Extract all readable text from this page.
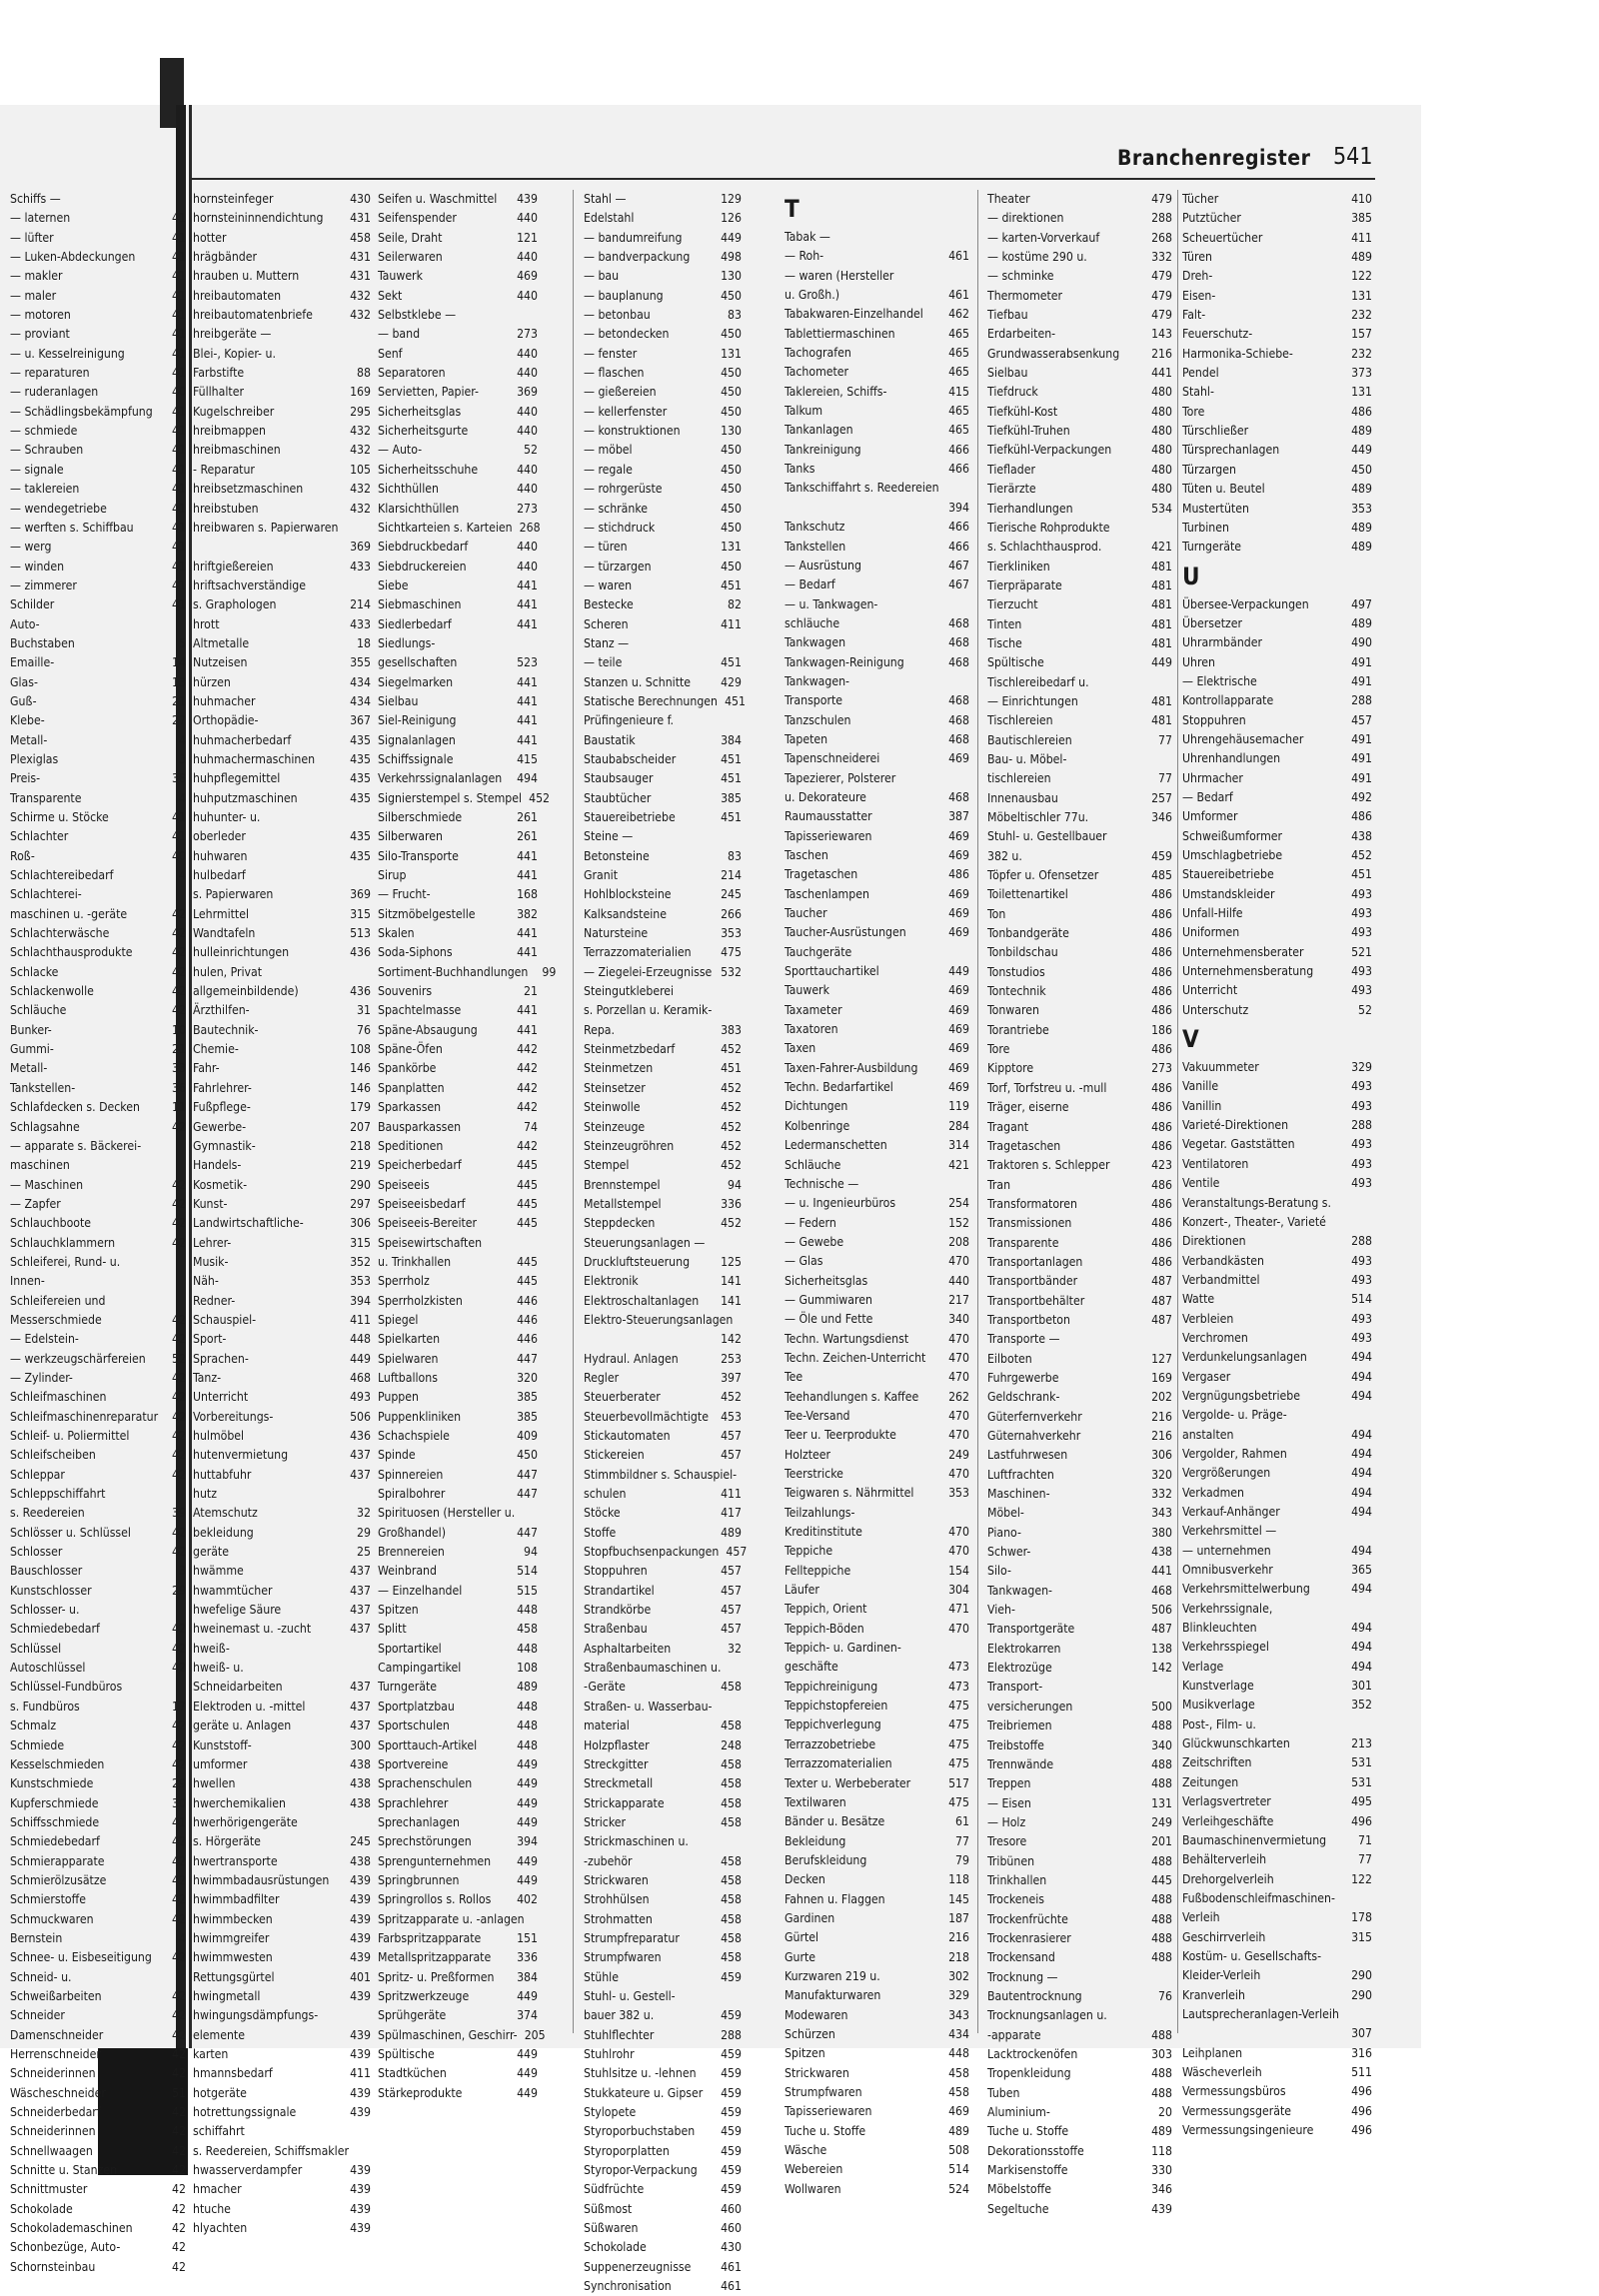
Branchenregister 541
Schiffs —
— laternen	41
— lüfter	41
— Luken-Abdeckungen	41
— makler	41
— maler	41
— motoren	41
— proviant	41
— u. Kesselreinigung	41
— reparaturen	41
— ruderanlagen	40
— Schädlingsbekämpfung	41
— schmiede	41
— Schrauben	41
— signale	41
— taklereien	41
— wendegetriebe	41
— werften s. Schiffbau	41
— werg	41
— winden	41
— zimmerer	41
Schilder	41
Auto-
Buchstaben	5
Emaille-	14
Glas-	13
Guß-	21
Klebe-	27
Metall-	4
Plexiglas	3
Preis-	38
Transparente	4
Schirme u. Stöcke	41
Schlachter	41
Roß-	40
Schlachtereibedarf	4
Schlachterei-
maschinen u. -geräte	42
Schlachterwäsche	42
Schlachthausprodukte	42
Schlacke	42
Schlackenwolle	42
Schläuche	42
Bunker-	10
Gummi-	21
Metall-	33
Tankstellen-	36
Schlafdecken s. Decken	11
Schlagsahne	42
— apparate s. Bäckerei-
maschinen
— Maschinen	42
— Zapfer	42
Schlauchboote	42
Schlauchklammern	42
Schleiferei, Rund- u.
Innen-
Schleifereien und
Messerschmiede	42
— Edelstein-	42
— werkzeugschärfereien	52
— Zylinder-	42
Schleifmaschinen	42
Schleifmaschinenreparatur	42
Schleif- u. Poliermittel	42
Schleifscheiben	42
Schleppar	42
Schleppschiffahrt
s. Reedereien	39
Schlösser u. Schlüssel	42
Schlosser	42
Bauschlosser	3
Kunstschlosser	29
Schlosser- u.
Schmiedebedarf	42
Schlüssel	42
Autoschlüssel	42
Schlüssel-Fundbüros
s. Fundbüros	17
Schmalz	42
Schmiede	42
Kesselschmieden	42
Kunstschmiede	29
Kupferschmiede	30
Schiffsschmiede	41
Schmiedebedarf	42
Schmierapparate	42
Schmierölzusätze	42
Schmierstoffe	42
Schmuckwaren	42
Bernstein	4
Schnee- u. Eisbeseitigung	42
Schneid- u.
Schweißarbeiten	42
Schneider	42
Damenschneider	42
Herrenschneider	42
Schneiderinnen	42
Wäscheschneider	51
Schneiderbedarf	42
Schneiderinnen	42
Schnellwaagen	42
Schnitte u. Stanzen	42
Schnittmuster	42
Schokolade	42
Schokolademaschinen	42
Schonbezüge, Auto-	42
Schornsteinbau	42
hornsteinfeger	430
hornsteininnendichtung	431
hotter	458
hrägbänder	431
hrauben u. Muttern	431
hreibautomaten	432
hreibautomatenbriefe	432
hreibgeräte —
Blei-, Kopier- u.
Farbstifte	88
Füllhalter	169
Kugelschreiber	295
hreibmappen	432
hreibmaschinen	432
- Reparatur	105
hreibsetzmaschinen	432
hreibstuben	432
hreibwaren s. Papierwaren
369
hriftgießereien	433
hriftsachverständige
s. Graphologen	214
hrott	433
Altmetalle	18
Nutzeisen	355
hürzen	434
huhmacher	434
Orthopädie-	367
huhmacherbedarf	435
huhmachermaschinen	435
huhpflegemittel	435
huhputzmaschinen	435
huhunter- u.
oberleder	435
huhwaren	435
hulbedarf
s. Papierwaren	369
Lehrmittel	315
Wandtafeln	513
hulleinrichtungen	436
hulen, Privat
allgemeinbildende)	436
Ärzthilfen-	31
Bautechnik-	76
Chemie-	108
Fahr-	146
Fahrlehrer-	146
Fußpflege-	179
Gewerbe-	207
Gymnastik-	218
Handels-	219
Kosmetik-	290
Kunst-	297
Landwirtschaftliche-	306
Lehrer-	315
Musik-	352
Näh-	353
Redner-	394
Schauspiel-	411
Sport-	448
Sprachen-	449
Tanz-	468
Unterricht	493
Vorbereitungs-	506
hulmöbel	436
hutenvermietung	437
huttabfuhr	437
hutz
Atemschutz	32
bekleidung	29
geräte	25
hwämme	437
hwammtücher	437
hwefelige Säure	437
hweinemast u. -zucht	437
hweiß-
hweiß- u.
Schneidarbeiten	437
Elektroden u. -mittel	437
geräte u. Anlagen	437
Kunststoff-	300
umformer	438
hwellen	438
hwerchemikalien	438
hwerhörigengeräte
s. Hörgeräte	245
hwertransporte	438
hwimmbadausrüstungen	439
hwimmbadfilter	439
hwimmbecken	439
hwimmgreifer	439
hwimmwesten	439
Rettungsgürtel	401
hwingmetall	439
hwingungsdämpfungs-
elemente	439
karten	439
hmannsbedarf	411
hotgeräte	439
hotrettungssignale	439
schiffahrt
s. Reedereien, Schiffsmakler
hwasserverdampfer	439
hmacher	439
htuche	439
hlyachten	439
Seifen u. Waschmittel	439
Seifenspender	440
Seile, Draht	121
Seilerwaren	440
Tauwerk	469
Sekt	440
Selbstklebe —
— band	273
Senf	440
Separatoren	440
Servietten, Papier-	369
Sicherheitsglas	440
Sicherheitsgurte	440
— Auto-	52
Sicherheitsschuhe	440
Sichthüllen	440
Klarsichthüllen	273
Sichtkarteien s. Karteien 268
Siebdruckbedarf	440
Siebdruckereien	440
Siebe	441
Siebmaschinen	441
Siedlerbedarf	441
Siedlungs-
gesellschaften	523
Siegelmarken	441
Sielbau	441
Siel-Reinigung	441
Signalanlagen	441
Schiffssignale	415
Verkehrssignalanlagen	494
Signierstempel s. Stempel 452
Silberschmiede	261
Silberwaren	261
Silo-Transporte	441
Sirup	441
— Frucht-	168
Sitzmöbelgestelle	382
Skalen	441
Soda-Siphons	441
Sortiment-Buchhandlungen	99
Souvenirs	21
Spachtelmasse	441
Späne-Absaugung	441
Späne-Öfen	442
Spankörbe	442
Spanplatten	442
Sparkassen	442
Bausparkassen	74
Speditionen	442
Speicherbedarf	445
Speiseeis	445
Speiseeisbedarf	445
Speiseeis-Bereiter	445
Speisewirtschaften
u. Trinkhallen	445
Sperrholz	445
Sperrholzkisten	446
Spiegel	446
Spielkarten	446
Spielwaren	447
Luftballons	320
Puppen	385
Puppenkliniken	385
Schachspiele	409
Spinde	450
Spinnereien	447
Spiralbohrer	447
Spirituosen (Hersteller u.
Großhandel)	447
Brennereien	94
Weinbrand	514
— Einzelhandel	515
Spitzen	448
Splitt	458
Sportartikel	448
Campingartikel	108
Turngeräte	489
Sportplatzbau	448
Sportschulen	448
Sporttauch-Artikel	448
Sportvereine	449
Sprachenschulen	449
Sprachlehrer	449
Sprechanlagen	449
Sprechstörungen	394
Sprengunternehmen	449
Springbrunnen	449
Springrollos s. Rollos	402
Spritzapparate u. -anlagen
Farbspritzapparate	151
Metallspritzapparate	336
Spritz- u. Preßformen	384
Spritzwerkzeuge	449
Sprühgeräte	374
Spülmaschinen, Geschirr- 205
Spültische	449
Stadtküchen	449
Stärkeprodukte	449
Stahl —	129
Edelstahl	126
— bandumreifung	449
— bandverpackung	498
— bau	130
— bauplanung	450
— betonbau	83
— betondecken	450
— fenster	131
— flaschen	450
— gießereien	450
— kellerfenster	450
— konstruktionen	130
— möbel	450
— regale	450
— rohrgerüste	450
— schränke	450
— stichdruck	450
— türen	131
— türzargen	450
— waren	451
Bestecke	82
Scheren	411
Stanz —
— teile	451
Stanzen u. Schnitte	429
Statische Berechnungen 451
Prüfingenieure f.
Baustatik	384
Staubabscheider	451
Staubsauger	451
Staubtücher	385
Stauereibetriebe	451
Steine —
Betonsteine	83
Granit	214
Hohlblocksteine	245
Kalksandsteine	266
Natursteine	353
Terrazzomaterialien	475
— Ziegelei-Erzeugnisse 532
Steingutkleberei
s. Porzellan u. Keramik-
Repa.	383
Steinmetzbedarf	452
Steinmetzen	451
Steinsetzer	452
Steinwolle	452
Steinzeuge	452
Steinzeugröhren	452
Stempel	452
Brennstempel	94
Metallstempel	336
Steppdecken	452
Steuerungsanlagen —
Druckluftsteuerung	125
Elektronik	141
Elektroschaltanlagen	141
Elektro-Steuerungsanlagen
142
Hydraul. Anlagen	253
Regler	397
Steuerberater	452
Steuerbevollmächtigte 453
Stickautomaten	457
Stickereien	457
Stimmbildner s. Schauspiel-
schulen	411
Stöcke	417
Stoffe	489
Stopfbuchsenpackungen 457
Stoppuhren	457
Strandartikel	457
Strandkörbe	457
Straßenbau	457
Asphaltarbeiten	32
Straßenbaumaschinen u.
-Geräte	458
Straßen- u. Wasserbau-
material	458
Holzpflaster	248
Streckgitter	458
Streckmetall	458
Strickapparate	458
Stricker	458
Strickmaschinen u.
-zubehör	458
Strickwaren	458
Strohhülsen	458
Strohmatten	458
Strumpfreparatur	458
Strumpfwaren	458
Stühle	459
Stuhl- u. Gestell-
bauer 382 u.	459
Stuhlflechter	288
Stuhlrohr	459
Stuhlsitze u. -lehnen	459
Stukkateure u. Gipser	459
Stylopete	459
Styroporbuchstaben	459
Styroporplatten	459
Styropor-Verpackung	459
Südfrüchte	459
Süßmost	460
Süßwaren	460
Schokolade	430
Suppenerzeugnisse	461
Synchronisation	461
T
Tabak —
— Roh-	461
— waren (Hersteller
u. Großh.)	461
Tabakwaren-Einzelhandel	462
Tablettiermaschinen	465
Tachografen	465
Tachometer	465
Taklereien, Schiffs-	415
Talkum	465
Tankanlagen	465
Tankreinigung	466
Tanks	466
Tankschiffahrt s. Reedereien
394
Tankschutz	466
Tankstellen	466
— Ausrüstung	467
— Bedarf	467
— u. Tankwagen-
schläuche	468
Tankwagen	468
Tankwagen-Reinigung	468
Tankwagen-
Transporte	468
Tanzschulen	468
Tapeten	468
Tapenschneiderei	469
Tapezierer, Polsterer
u. Dekorateure	468
Raumausstatter	387
Tapisseriewaren	469
Taschen	469
Tragetaschen	486
Taschenlampen	469
Taucher	469
Taucher-Ausrüstungen	469
Tauchgeräte
Sporttauchartikel	449
Tauwerk	469
Taxameter	469
Taxatoren	469
Taxen	469
Taxen-Fahrer-Ausbildung	469
Techn. Bedarfartikel	469
Dichtungen	119
Kolbenringe	284
Ledermanschetten	314
Schläuche	421
Technische —
— u. Ingenieurbüros	254
— Federn	152
— Gewebe	208
— Glas	470
Sicherheitsglas	440
— Gummiwaren	217
— Öle und Fette	340
Techn. Wartungsdienst	470
Techn. Zeichen-Unterricht	470
Tee	470
Teehandlungen s. Kaffee	262
Tee-Versand	470
Teer u. Teerprodukte	470
Holzteer	249
Teerstricke	470
Teigwaren s. Nährmittel	353
Teilzahlungs-
Kreditinstitute	470
Teppiche	470
Fellteppiche	154
Läufer	304
Teppich, Orient	471
Teppich-Böden	470
Teppich- u. Gardinen-
geschäfte	473
Teppichreinigung	473
Teppichstopfereien	475
Teppichverlegung	475
Terrazzobetriebe	475
Terrazzomaterialien	475
Texter u. Werbeberater	517
Textilwaren	475
Bänder u. Besätze	61
Bekleidung	77
Berufskleidung	79
Decken	118
Fahnen u. Flaggen	145
Gardinen	187
Gürtel	216
Gurte	218
Kurzwaren 219 u.	302
Manufakturwaren	329
Modewaren	343
Schürzen	434
Spitzen	448
Strickwaren	458
Strumpfwaren	458
Tapisseriewaren	469
Tuche u. Stoffe	489
Wäsche	508
Webereien	514
Wollwaren	524
Theater	479
— direktionen	288
— karten-Vorverkauf	268
— kostüme 290 u.	332
— schminke	479
Thermometer	479
Tiefbau	479
Erdarbeiten-	143
Grundwasserabsenkung	216
Sielbau	441
Tiefdruck	480
Tiefkühl-Kost	480
Tiefkühl-Truhen	480
Tiefkühl-Verpackungen	480
Tieflader	480
Tierärzte	480
Tierhandlungen	534
Tierische Rohprodukte
s. Schlachthausprod.	421
Tierkliniken	481
Tierpräparate	481
Tierzucht	481
Tinten	481
Tische	481
Spültische	449
Tischlereibedarf u.
— Einrichtungen	481
Tischlereien	481
Bautischlereien	77
Bau- u. Möbel-
tischlereien	77
Innenausbau	257
Möbeltischler 77u.	346
Stuhl- u. Gestellbauer
382 u.	459
Töpfer u. Ofensetzer	485
Toilettenartikel	486
Ton	486
Tonbandgeräte	486
Tonbildschau	486
Tonstudios	486
Tontechnik	486
Tonwaren	486
Torantriebe	186
Tore	486
Kipptore	273
Torf, Torfstreu u. -mull	486
Träger, eiserne	486
Tragant	486
Tragetaschen	486
Traktoren s. Schlepper	423
Tran	486
Transformatoren	486
Transmissionen	486
Transparente	486
Transportanlagen	486
Transportbänder	487
Transportbehälter	487
Transportbeton	487
Transporte —
Eilboten	127
Fuhrgewerbe	169
Geldschrank-	202
Güterfernverkehr	216
Güternahverkehr	216
Lastfuhrwesen	306
Luftfrachten	320
Maschinen-	332
Möbel-	343
Piano-	380
Schwer-	438
Silo-	441
Tankwagen-	468
Vieh-	506
Transportgeräte	487
Elektrokarren	138
Elektrozüge	142
Transport-
versicherungen	500
Treibriemen	488
Treibstoffe	340
Trennwände	488
Treppen	488
— Eisen	131
— Holz	249
Tresore	201
Tribünen	488
Trinkhallen	445
Trockeneis	488
Trockenfrüchte	488
Trockenrasierer	488
Trockensand	488
Trocknung —
Bautentrocknung	76
Trocknungsanlagen u.
-apparate	488
Lacktrockenöfen	303
Tropenkleidung	488
Tuben	488
Aluminium-	20
Tuche u. Stoffe	489
Dekorationsstoffe	118
Markisenstoffe	330
Möbelstoffe	346
Segeltuche	439
Tücher	410
Putztücher	385
Scheuertücher	411
Türen	489
Dreh-	122
Eisen-	131
Falt-	232
Feuerschutz-	157
Harmonika-Schiebe-	232
Pendel	373
Stahl-	131
Tore	486
Türschließer	489
Türsprechanlagen	449
Türzargen	450
Tüten u. Beutel	489
Mustertüten	353
Turbinen	489
Turngeräte	489
U
Übersee-Verpackungen	497
Übersetzer	489
Uhrarmbänder	490
Uhren	491
— Elektrische	491
Kontrollapparate	288
Stoppuhren	457
Uhrengehäusemacher	491
Uhrenhandlungen	491
Uhrmacher	491
— Bedarf	492
Umformer	486
Schweißumformer	438
Umschlagbetriebe	452
Stauereibetriebe	451
Umstandskleider	493
Unfall-Hilfe	493
Uniformen	493
Unternehmensberater	521
Unternehmensberatung	493
Unterricht	493
Unterschutz	52
V
Vakuummeter	329
Vanille	493
Vanillin	493
Varieté-Direktionen	288
Vegetar. Gaststätten	493
Ventilatoren	493
Ventile	493
Veranstaltungs-Beratung s.
Konzert-, Theater-, Varieté
Direktionen	288
Verbandkästen	493
Verbandmittel	493
Watte	514
Verbleien	493
Verchromen	493
Verdunkelungsanlagen	494
Vergaser	494
Vergnügungsbetriebe	494
Vergolde- u. Präge-
anstalten	494
Vergolder, Rahmen	494
Vergrößerungen	494
Verkadmen	494
Verkauf-Anhänger	494
Verkehrsmittel —
— unternehmen	494
Omnibusverkehr	365
Verkehrsmittelwerbung	494
Verkehrssignale,
Blinkleuchten	494
Verkehrsspiegel	494
Verlage	494
Kunstverlage	301
Musikverlage	352
Post-, Film- u.
Glückwunschkarten	213
Zeitschriften	531
Zeitungen	531
Verlagsvertreter	495
Verleihgeschäfte	496
Baumaschinenvermietung	71
Behälterverleih	77
Drehorgelverleih	122
Fußbodenschleifmaschinen-
Verleih	178
Geschirrverleih	315
Kostüm- u. Gesellschafts-
Kleider-Verleih	290
Kranverleih	290
Lautsprecheranlagen-Verleih
307
Leihplanen	316
Wäscheverleih	511
Vermessungsbüros	496
Vermessungsgeräte	496
Vermessungsingenieure	496
